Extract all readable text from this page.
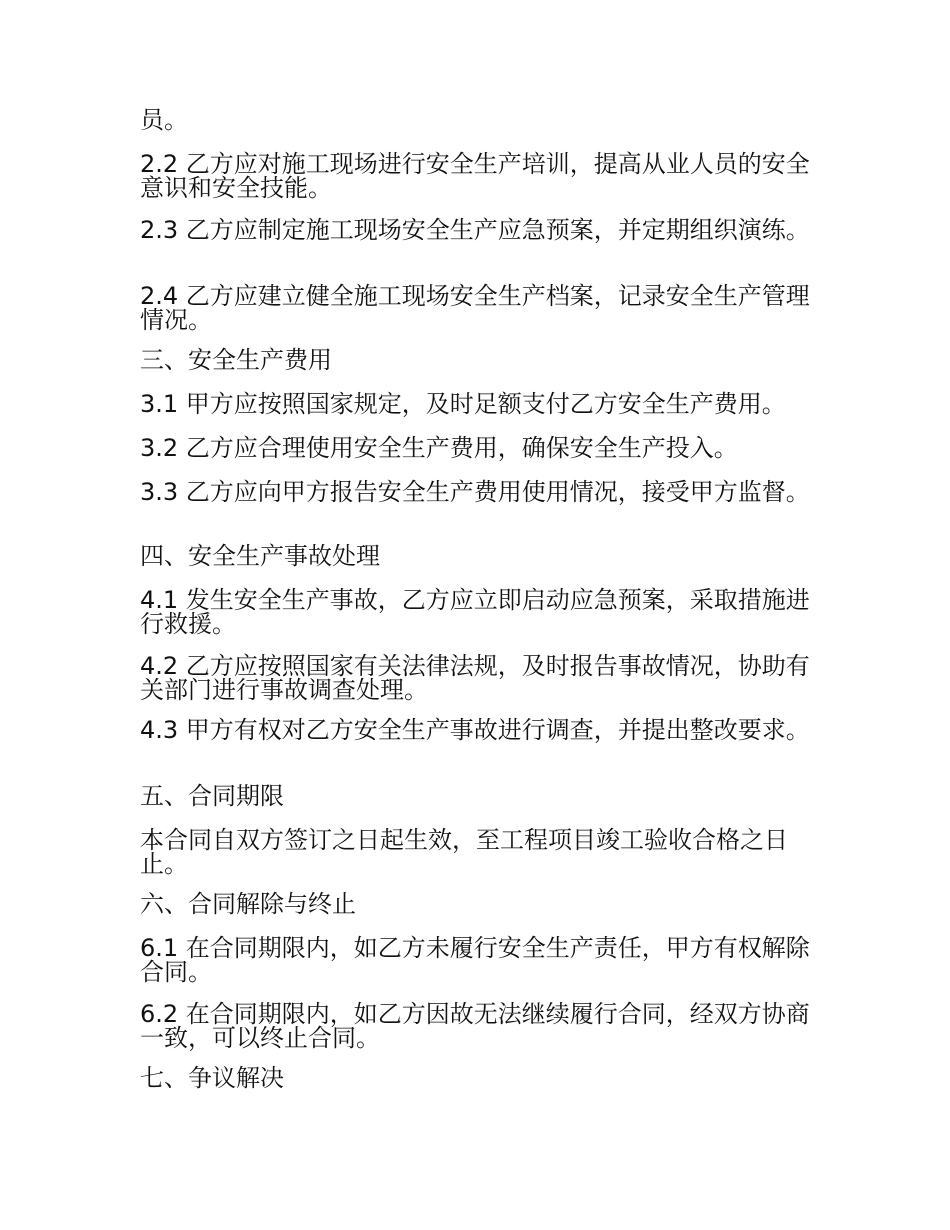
员。

2.2 乙方应对施工现场进行安全生产培训，提高从业人员的安全意识和安全技能。

2.3 乙方应制定施工现场安全生产应急预案，并定期组织演练。

2.4 乙方应建立健全施工现场安全生产档案，记录安全生产管理情况。

三、安全生产费用

3.1 甲方应按照国家规定，及时足额支付乙方安全生产费用。

3.2 乙方应合理使用安全生产费用，确保安全生产投入。

3.3 乙方应向甲方报告安全生产费用使用情况，接受甲方监督。

四、安全生产事故处理

4.1 发生安全生产事故，乙方应立即启动应急预案，采取措施进行救援。

4.2 乙方应按照国家有关法律法规，及时报告事故情况，协助有关部门进行事故调查处理。

4.3 甲方有权对乙方安全生产事故进行调查，并提出整改要求。

五、合同期限

本合同自双方签订之日起生效，至工程项目竣工验收合格之日止。

六、合同解除与终止

6.1 在合同期限内，如乙方未履行安全生产责任，甲方有权解除合同。

6.2 在合同期限内，如乙方因故无法继续履行合同，经双方协商一致，可以终止合同。

七、争议解决
